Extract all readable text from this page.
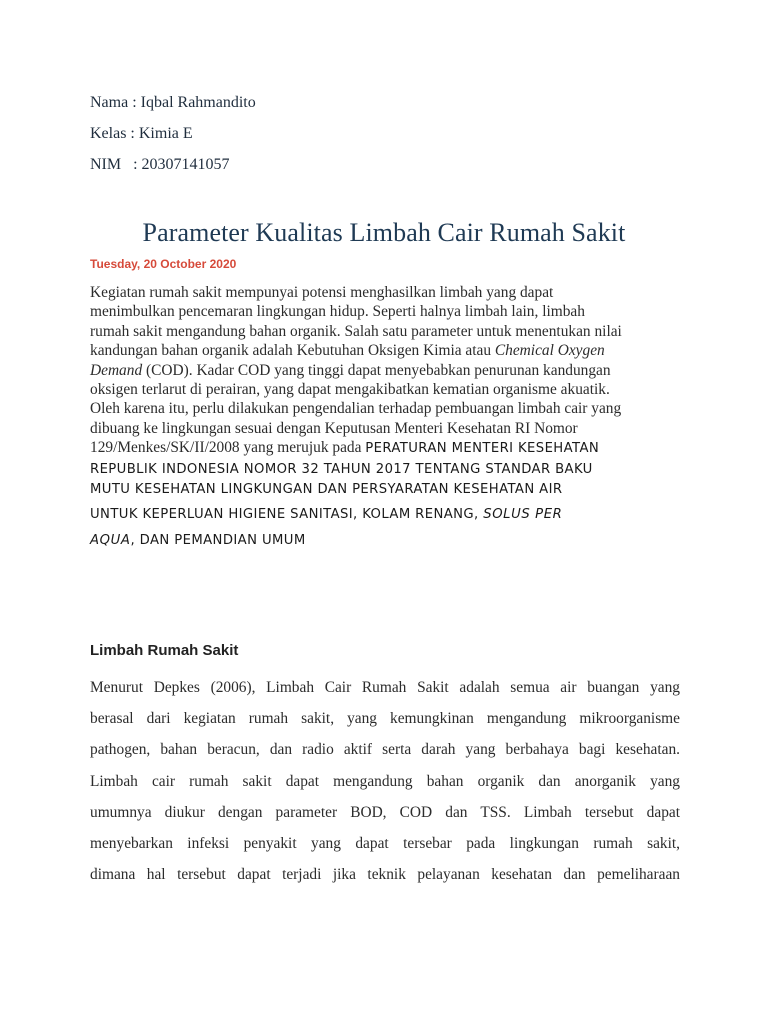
Nama : Iqbal Rahmandito
Kelas : Kimia E
NIM   : 20307141057
Parameter Kualitas Limbah Cair Rumah Sakit
Tuesday, 20 October 2020
Kegiatan rumah sakit mempunyai potensi menghasilkan limbah yang dapat
menimbulkan pencemaran lingkungan hidup. Seperti halnya limbah lain, limbah
rumah sakit mengandung bahan organik. Salah satu parameter untuk menentukan nilai
kandungan bahan organik adalah Kebutuhan Oksigen Kimia atau Chemical Oxygen
Demand (COD). Kadar COD yang tinggi dapat menyebabkan penurunan kandungan
oksigen terlarut di perairan, yang dapat mengakibatkan kematian organisme akuatik.
Oleh karena itu, perlu dilakukan pengendalian terhadap pembuangan limbah cair yang
dibuang ke lingkungan sesuai dengan Keputusan Menteri Kesehatan RI Nomor
129/Menkes/SK/II/2008 yang merujuk pada PERATURAN MENTERI KESEHATAN
REPUBLIK INDONESIA NOMOR 32 TAHUN 2017 TENTANG STANDAR BAKU
MUTU KESEHATAN LINGKUNGAN DAN PERSYARATAN KESEHATAN AIR
UNTUK KEPERLUAN HIGIENE SANITASI, KOLAM RENANG, SOLUS PER
AQUA, DAN PEMANDIAN UMUM
Limbah Rumah Sakit
Menurut Depkes (2006), Limbah Cair Rumah Sakit adalah semua air buangan yang
berasal dari kegiatan rumah sakit, yang kemungkinan mengandung mikroorganisme
pathogen, bahan beracun, dan radio aktif serta darah yang berbahaya bagi kesehatan.
Limbah cair rumah sakit dapat mengandung bahan organik dan anorganik yang
umumnya diukur dengan parameter BOD, COD dan TSS. Limbah tersebut dapat
menyebarkan infeksi penyakit yang dapat tersebar pada lingkungan rumah sakit,
dimana hal tersebut dapat terjadi jika teknik pelayanan kesehatan dan pemeliharaan
